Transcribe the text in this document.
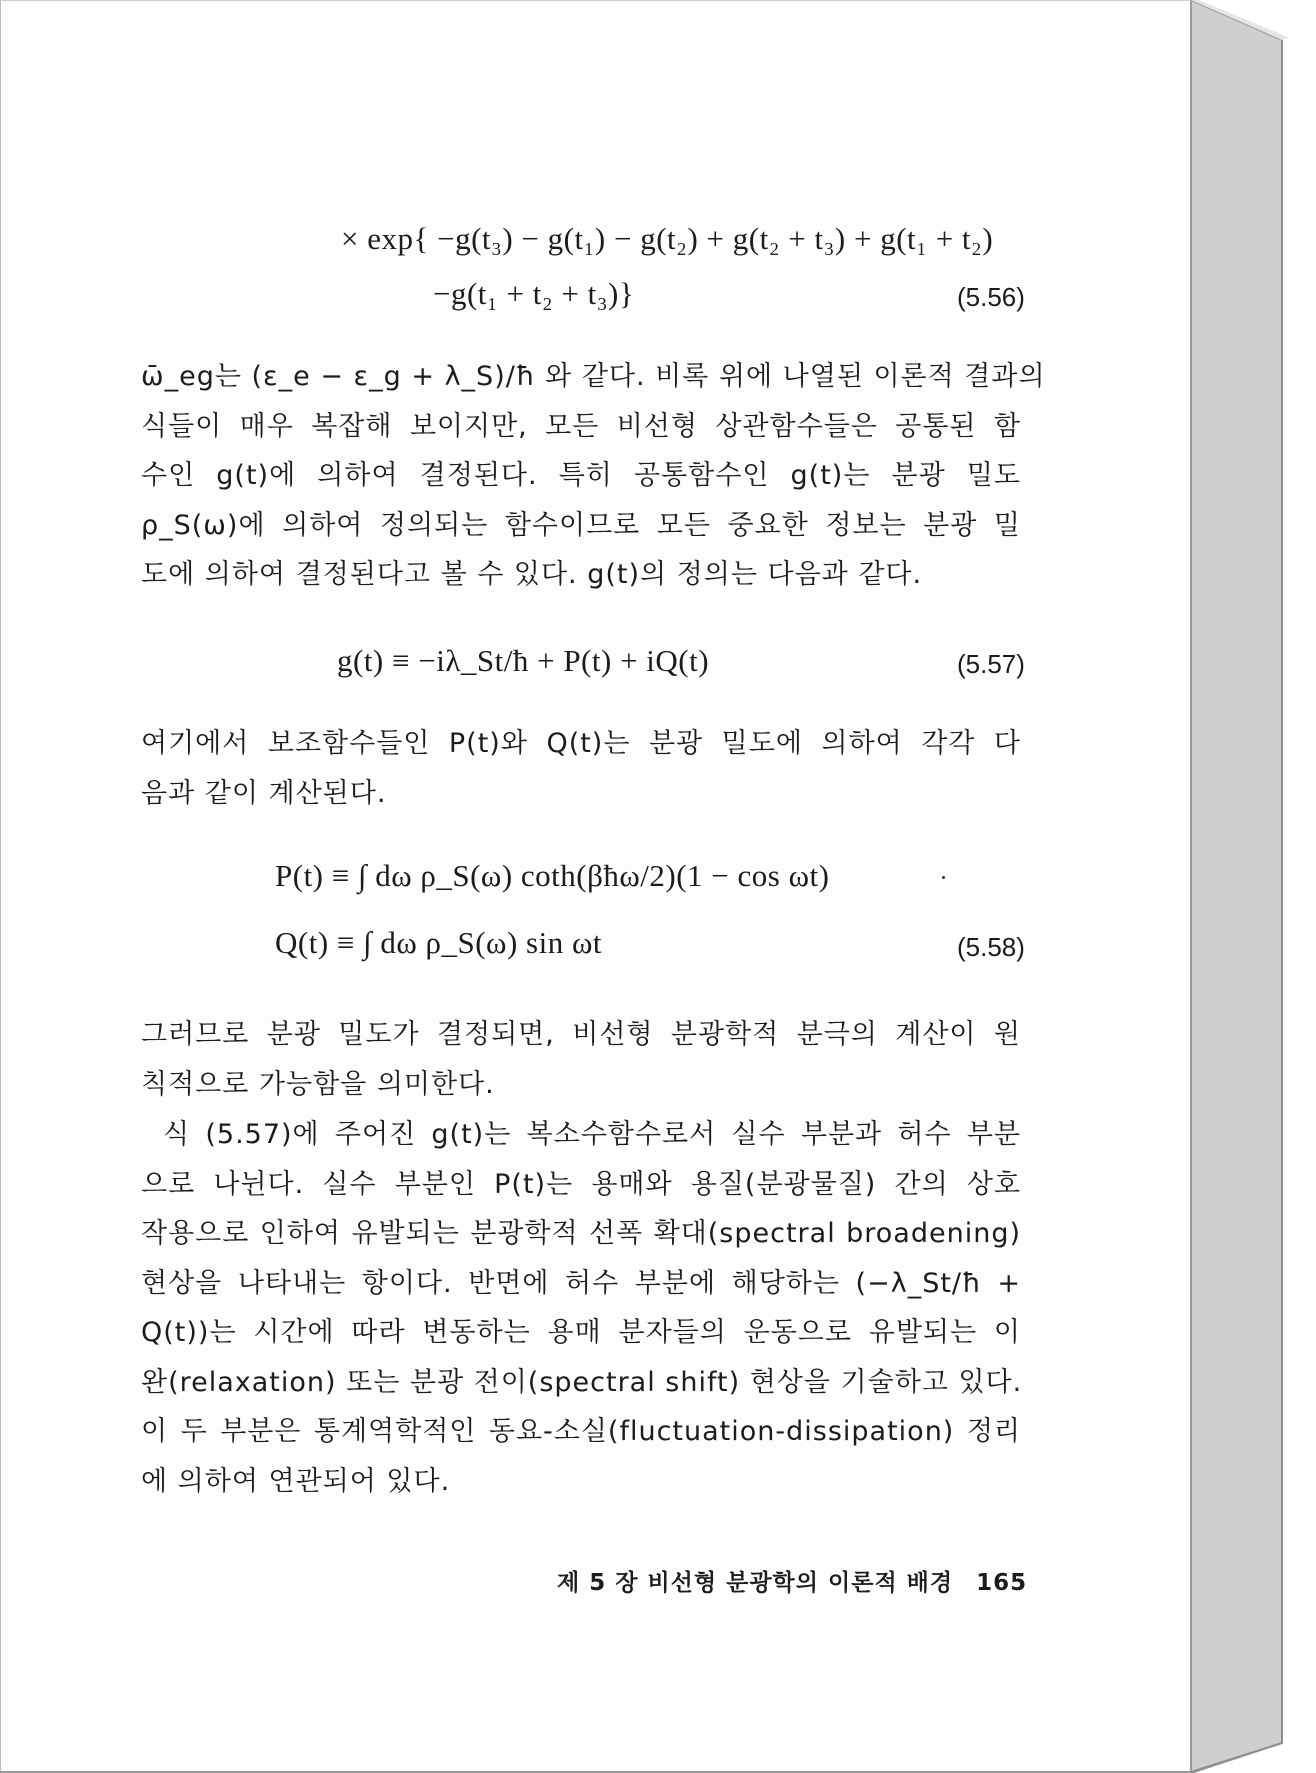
× exp{ −g(t₃) − g(t₁) − g(t₂) + g(t₂ + t₃) + g(t₁ + t₂)
−g(t₁ + t₂ + t₃)}	(5.56)
ω̄_eg는 (ε_e − ε_g + λ_S)/ħ 와 같다. 비록 위에 나열된 이론적 결과의
식들이 매우 복잡해 보이지만, 모든 비선형 상관함수들은 공통된 함
수인 g(t)에 의하여 결정된다. 특히 공통함수인 g(t)는 분광 밀도
ρ_S(ω)에 의하여 정의되는 함수이므로 모든 중요한 정보는 분광 밀
도에 의하여 결정된다고 볼 수 있다. g(t)의 정의는 다음과 같다.
g(t) ≡ −iλ_St/ħ + P(t) + iQ(t)	(5.57)
여기에서 보조함수들인 P(t)와 Q(t)는 분광 밀도에 의하여 각각 다
음과 같이 계산된다.
P(t) ≡ ∫ dω ρ_S(ω) coth(βħω/2)(1 − cos ωt)
Q(t) ≡ ∫ dω ρ_S(ω) sin ωt	(5.58)
그러므로 분광 밀도가 결정되면, 비선형 분광학적 분극의 계산이 원
칙적으로 가능함을 의미한다.
식 (5.57)에 주어진 g(t)는 복소수함수로서 실수 부분과 허수 부분
으로 나뉜다. 실수 부분인 P(t)는 용매와 용질(분광물질) 간의 상호
작용으로 인하여 유발되는 분광학적 선폭 확대(spectral broadening)
현상을 나타내는 항이다. 반면에 허수 부분에 해당하는 (−λ_St/ħ +
Q(t))는 시간에 따라 변동하는 용매 분자들의 운동으로 유발되는 이
완(relaxation) 또는 분광 전이(spectral shift) 현상을 기술하고 있다.
이 두 부분은 통계역학적인 동요-소실(fluctuation-dissipation) 정리
에 의하여 연관되어 있다.
제 5 장 비선형 분광학의 이론적 배경 165
